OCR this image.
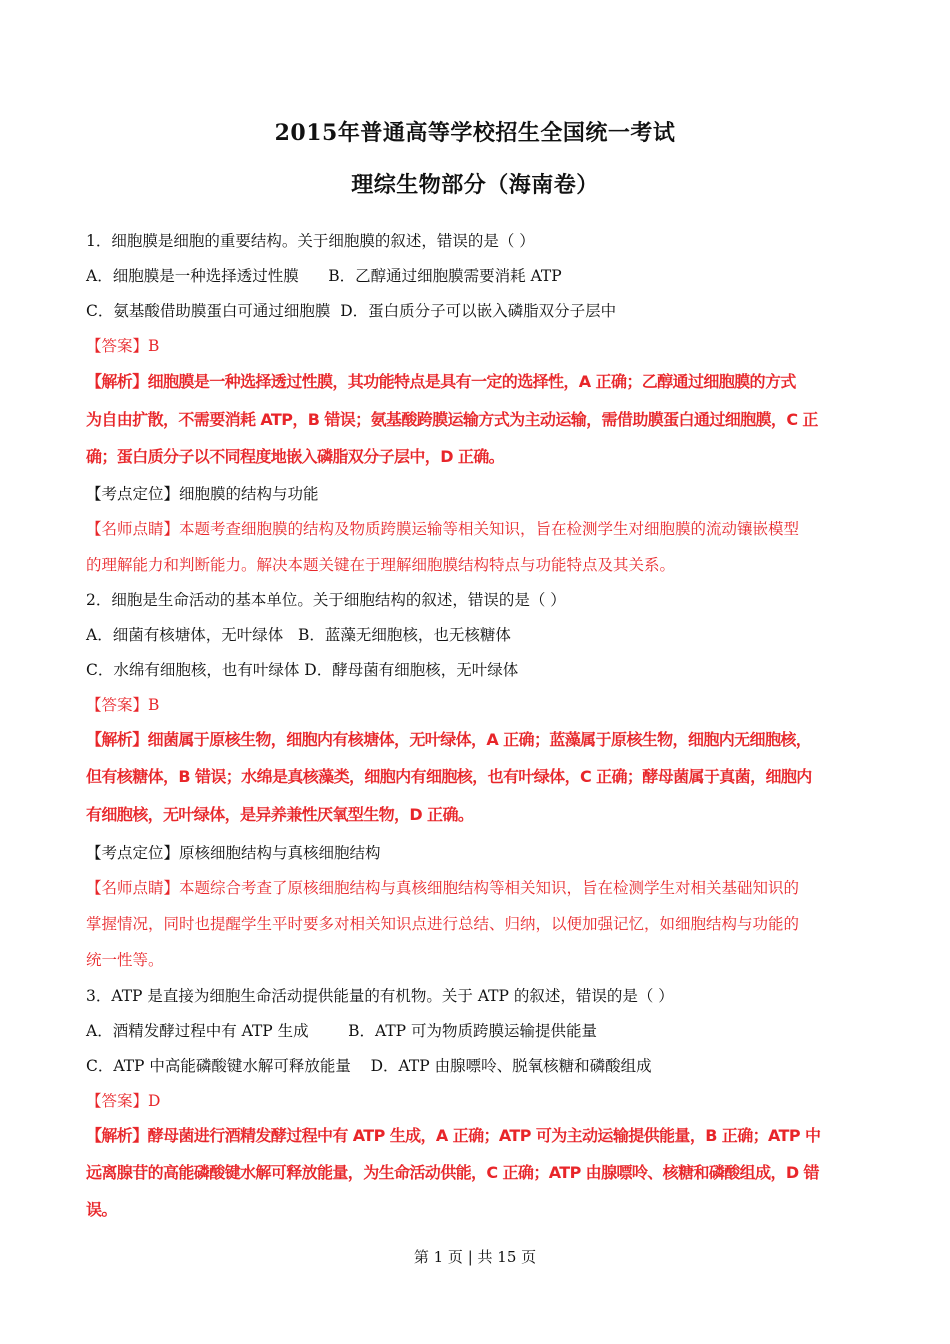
2015年普通高等学校招生全国统一考试
理综生物部分（海南卷）
1．细胞膜是细胞的重要结构。关于细胞膜的叙述，错误的是（ ）
A．细胞膜是一种选择透过性膜      B．乙醇通过细胞膜需要消耗 ATP
C．氨基酸借助膜蛋白可通过细胞膜  D．蛋白质分子可以嵌入磷脂双分子层中
【答案】B
【解析】细胞膜是一种选择透过性膜，其功能特点是具有一定的选择性，A 正确；乙醇通过细胞膜的方式
为自由扩散，不需要消耗 ATP，B 错误；氨基酸跨膜运输方式为主动运输，需借助膜蛋白通过细胞膜，C 正
确；蛋白质分子以不同程度地嵌入磷脂双分子层中，D 正确。
【考点定位】细胞膜的结构与功能
【名师点睛】本题考查细胞膜的结构及物质跨膜运输等相关知识，旨在检测学生对细胞膜的流动镶嵌模型
的理解能力和判断能力。解决本题关键在于理解细胞膜结构特点与功能特点及其关系。
2．细胞是生命活动的基本单位。关于细胞结构的叙述，错误的是（ ）
A．细菌有核塘体，无叶绿体   B．蓝藻无细胞核，也无核糖体
C．水绵有细胞核，也有叶绿体 D．酵母菌有细胞核，无叶绿体
【答案】B
【解析】细菌属于原核生物，细胞内有核塘体，无叶绿体，A 正确；蓝藻属于原核生物，细胞内无细胞核，
但有核糖体，B 错误；水绵是真核藻类，细胞内有细胞核，也有叶绿体，C 正确；酵母菌属于真菌，细胞内
有细胞核，无叶绿体，是异养兼性厌氧型生物，D 正确。
【考点定位】原核细胞结构与真核细胞结构
【名师点睛】本题综合考查了原核细胞结构与真核细胞结构等相关知识，旨在检测学生对相关基础知识的
掌握情况，同时也提醒学生平时要多对相关知识点进行总结、归纳，以便加强记忆，如细胞结构与功能的
统一性等。
3．ATP 是直接为细胞生命活动提供能量的有机物。关于 ATP 的叙述，错误的是（ ）
A．酒精发酵过程中有 ATP 生成        B．ATP 可为物质跨膜运输提供能量
C．ATP 中高能磷酸键水解可释放能量    D．ATP 由腺嘌呤、脱氧核糖和磷酸组成
【答案】D
【解析】酵母菌进行酒精发酵过程中有 ATP 生成，A 正确；ATP 可为主动运输提供能量，B 正确；ATP 中
远离腺苷的高能磷酸键水解可释放能量，为生命活动供能，C 正确；ATP 由腺嘌呤、核糖和磷酸组成，D 错
误。
第 1 页 | 共 15 页
